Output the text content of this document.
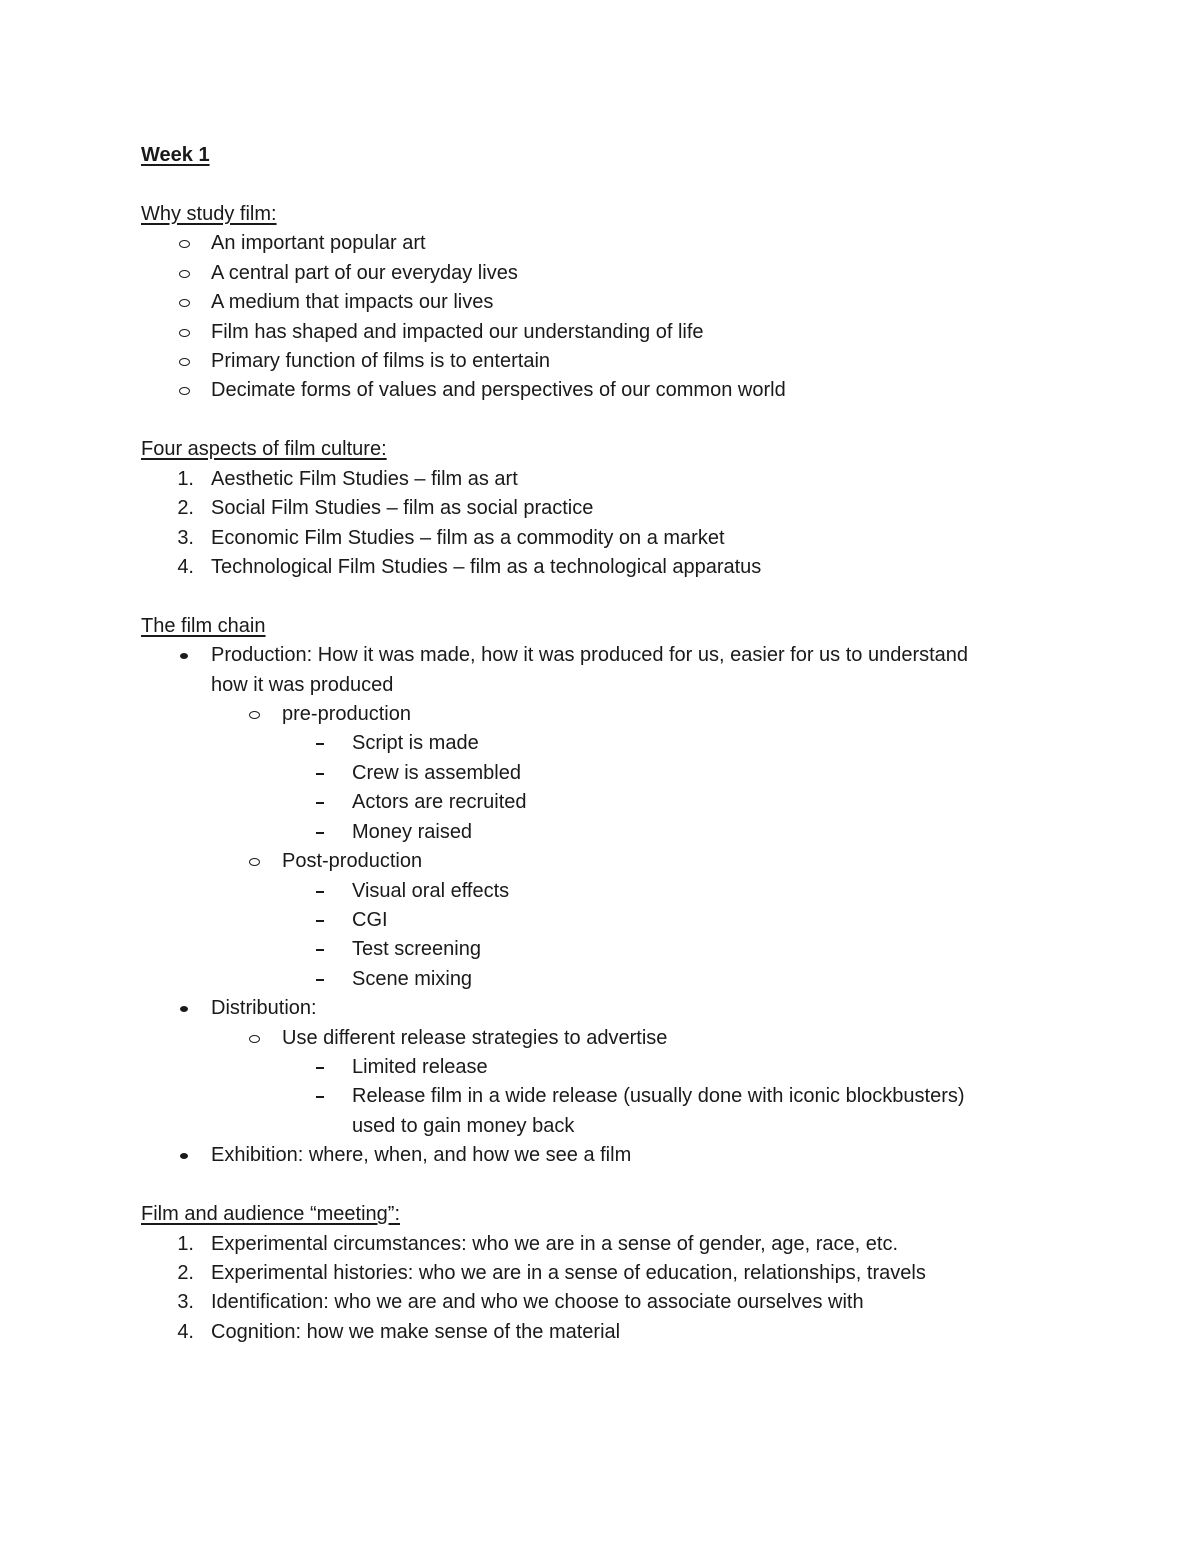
Week 1
Why study film:
An important popular art
A central part of our everyday lives
A medium that impacts our lives
Film has shaped and impacted our understanding of life
Primary function of films is to entertain
Decimate forms of values and perspectives of our common world
Four aspects of film culture:
1. Aesthetic Film Studies – film as art
2. Social Film Studies – film as social practice
3. Economic Film Studies – film as a commodity on a market
4. Technological Film Studies – film as a technological apparatus
The film chain
Production: How it was made, how it was produced for us, easier for us to understand
how it was produced
pre-production
Script is made
Crew is assembled
Actors are recruited
Money raised
Post-production
Visual oral effects
CGI
Test screening
Scene mixing
Distribution:
Use different release strategies to advertise
Limited release
Release film in a wide release (usually done with iconic blockbusters)
used to gain money back
Exhibition: where, when, and how we see a film
Film and audience “meeting”:
1. Experimental circumstances: who we are in a sense of gender, age, race, etc.
2. Experimental histories: who we are in a sense of education, relationships, travels
3. Identification: who we are and who we choose to associate ourselves with
4. Cognition: how we make sense of the material
